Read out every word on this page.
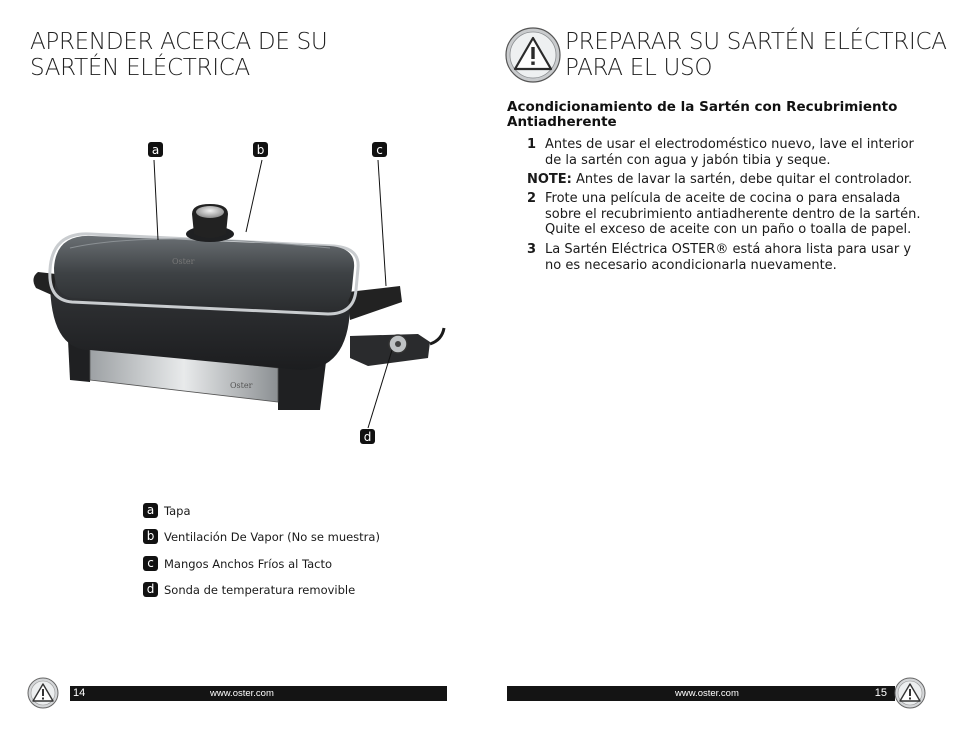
APRENDER ACERCA DE SU
SARTÉN ELÉCTRICA
Oster
Oster
a	b	c
d
a Tapa
b Ventilación De Vapor (No se muestra)
c Mangos Anchos Fríos al Tacto
d Sonda de temperatura removible
14	www.oster.com
PREPARAR SU SARTÉN ELÉCTRICA
PARA EL USO
Acondicionamiento de la Sartén con Recubrimiento Antiadherente
1 Antes de usar el electrodoméstico nuevo, lave el interior de la sartén con agua y jabón tibia y seque.
NOTE: Antes de lavar la sartén, debe quitar el controlador.
2 Frote una película de aceite de cocina o para ensalada sobre el recubrimiento antiadherente dentro de la sartén. Quite el exceso de aceite con un paño o toalla de papel.
3 La Sartén Eléctrica OSTER® está ahora lista para usar y no es necesario acondicionarla nuevamente.
www.oster.com	15
